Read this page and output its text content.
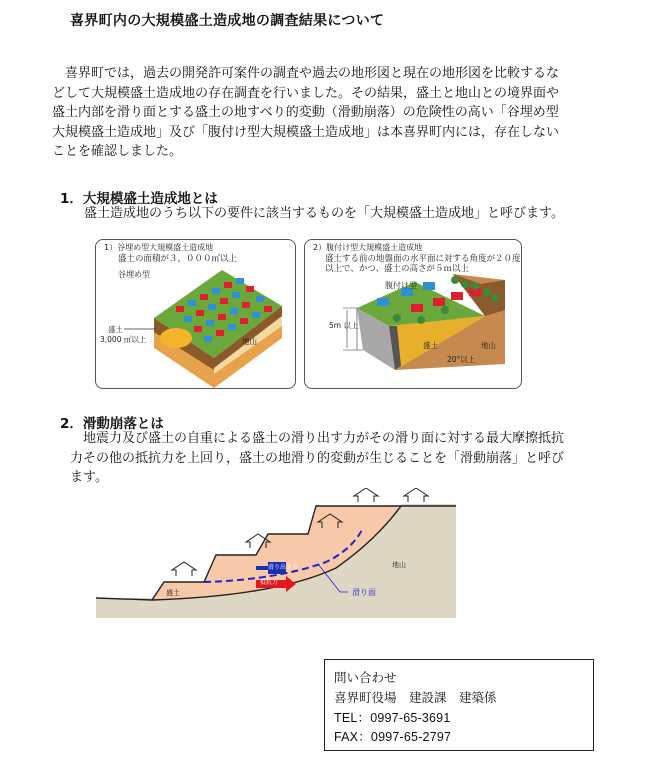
喜界町内の大規模盛土造成地の調査結果について
喜界町では，過去の開発許可案件の調査や過去の地形図と現在の地形図を比較するな
どして大規模盛土造成地の存在調査を行いました。その結果，盛土と地山との境界面や
盛土内部を滑り面とする盛土の地すべり的変動（滑動崩落）の危険性の高い「谷埋め型
大規模盛土造成地」及び「腹付け型大規模盛土造成地」は本喜界町内には，存在しない
ことを確認しました。
1．大規模盛土造成地とは
盛土造成地のうち以下の要件に該当するものを「大規模盛土造成地」と呼びます。
1）谷埋め型大規模盛土造成地
盛土の面積が３，０００㎡以上
谷埋め型
盛土
3,000 ㎡以上	地山
2）腹付け型大規模盛土造成地
盛土する前の地盤面の水平面に対する角度が２０度
以上で、かつ、盛土の高さが５ｍ以上
腹付け型
5m 以上
盛土	地山
20°以上
2．滑動崩落とは
地震力及び盛土の自重による盛土の滑り出す力がその滑り面に対する最大摩擦抵抗
力その他の抵抗力を上回り，盛土の地滑り的変動が生じることを「滑動崩落」と呼び
ます。
盛土
地山
滑り出す力
抵抗力
滑り面
問い合わせ
喜界町役場　建設課　建築係
TEL：0997-65-3691
FAX：0997-65-2797
